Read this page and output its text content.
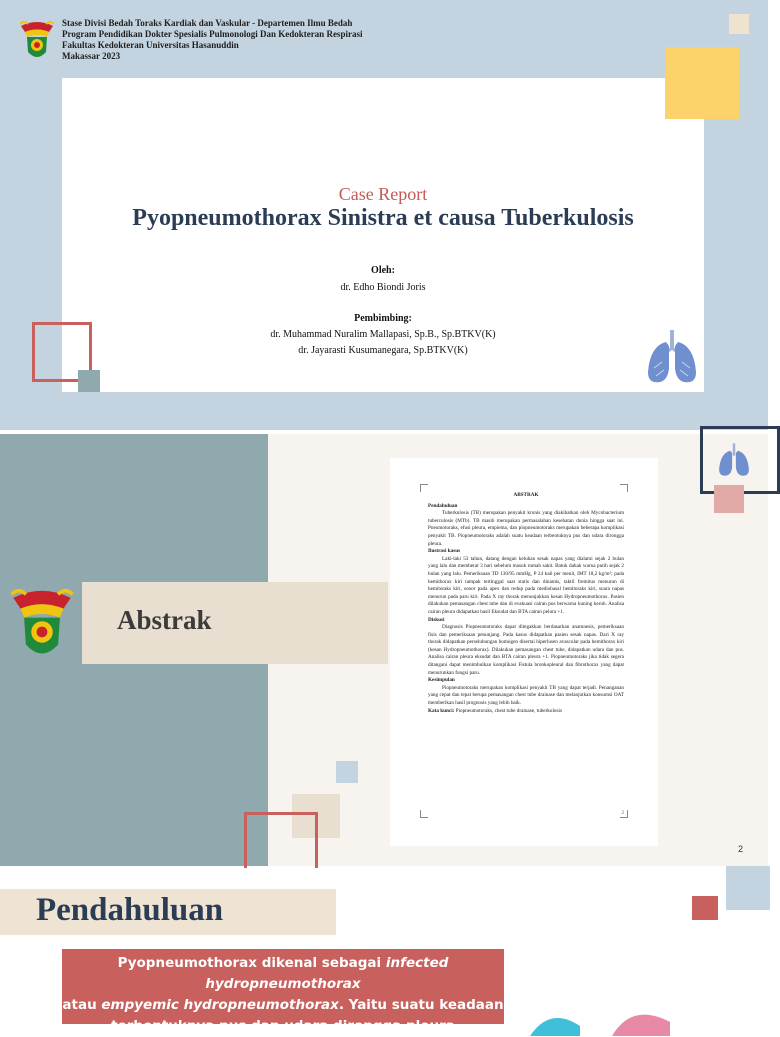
Stase Divisi Bedah Toraks Kardiak dan Vaskular - Departemen Ilmu Bedah
Program Pendidikan Dokter Spesialis Pulmonologi Dan Kedokteran Respirasi
Fakultas Kedokteran Universitas Hasanuddin
Makassar 2023
Case Report
Pyopneumothorax Sinistra et causa Tuberkulosis
Oleh:
dr. Edho Biondi Joris
Pembimbing:
dr. Muhammad Nuralim Mallapasi, Sp.B., Sp.BTKV(K)
dr. Jayarasti Kusumanegara, Sp.BTKV(K)
Abstrak
ABSTRAK
Pendahuluan

Tuberkulosis (TB) merupakan penyakit kronis yang diakibatkan oleh Mycobacterium tuberculosis (MTb). TB masih merupakan permasalahan kesehatan dunia hingga saat ini. Pneumotoraks, efusi pleura, empiema, dan piopneumotoraks merupakan beberapa komplikasi penyakit TB. Piopneumotoraks adalah suatu keadaan terbentuknya pus dan udara dirongga pleura.

Ilustrasi kasus

Laki-laki 53 tahun, datang dengan keluhan sesak napas yang dialami sejak 2 bulan yang lalu dan memberat 3 hari sebelum masuk rumah sakit. Batuk dahak warna putih sejak 2 bulan yang lalu. Pemeriksaan TD 130/95 mmHg, P 24 kali per menit, IMT 18,2 kg/m²; pada hemithorax kiri tampak tertinggal saat statis dan dinamis, taktil fremitus menurun di hemitoraks kiri, sonor pada apex dan redup pada mediobasal hemitoraks kiri, suara napas menurun pada paru kiri. Pada X ray thorak menunjukkan kesan Hydropneumothorax. Pasien dilakukan pemasangan chest tube dan di evakuasi cairan pus berwarna kuning keruh. Analisa cairan pleura didapatkan hasil Eksudat dan BTA cairan pelura +1.

Diskusi

Diagnosis Piopneumotoraks dapat ditegakkan berdasarkan anamnesis, pemeriksaan fisis dan pemeriksaan penunjang. Pada kasus didapatkan pasien sesak napas. Dari X ray thorak didapatkan perselubungan homogen disertai hiperlusen avascular pada hemithorax kiri (kesan Hydropneumothorax). Dilakukan pemasangan chest tube, didapatkan udara dan pus. Analisa cairan pleura eksudat dan BTA cairan pleura +1. Piopneumotoraks jika tidak segera ditangani dapat menimbulkan komplikasi Fistula bronkopleural dan fibrothorax yang dapat menurunkan fungsi paru.

Kesimpulan

Piopneumotoraks merupakan komplikasi penyakit TB yang dapat terjadi. Penanganan yang cepat dan tepat berupa pemasangan chest tube drainase dan melanjutkan konsumsi OAT memberikan hasil prognosis yang lebih baik.

Kata kunci: Piopneumotoraks, chest tube drainase, tuberkulosis
2
2
Pendahuluan
Pyopneumothorax dikenal sebagai infected hydropneumothorax
atau empyemic hydropneumothorax. Yaitu suatu keadaan terbentuknya pus dan udara dirongga pleura
